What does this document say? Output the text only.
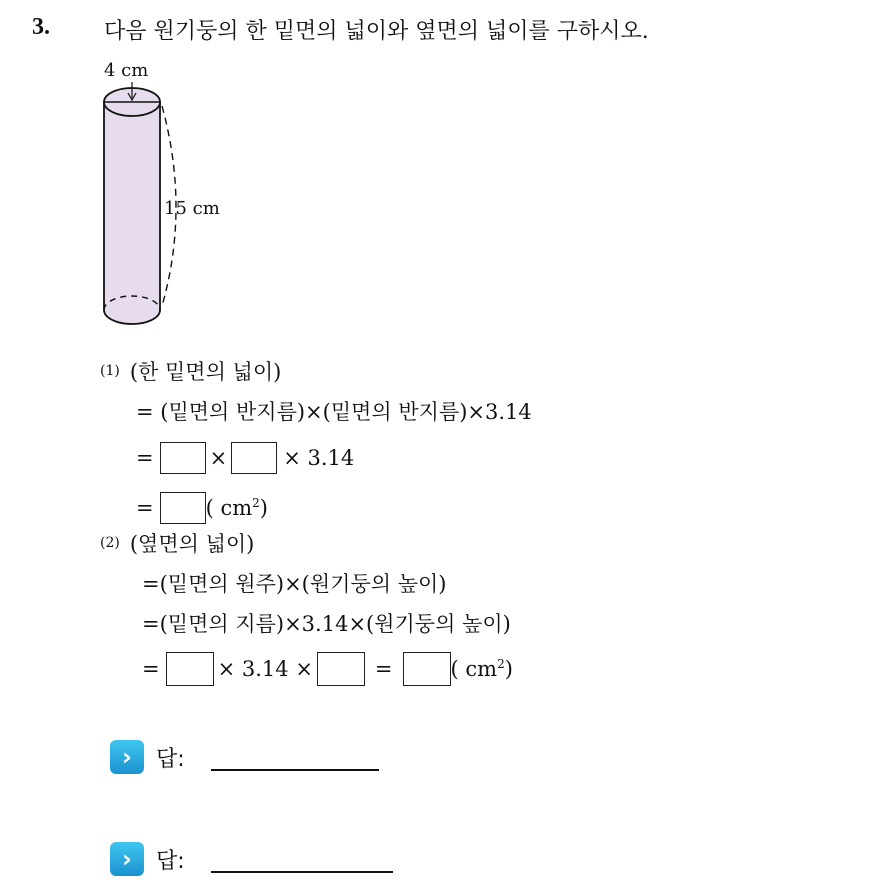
3. 다음 원기둥의 한 밑면의 넓이와 옆면의 넓이를 구하시오.
4 cm
15 cm
(1) (한 밑면의 넓이)
= (밑면의 반지름)×(밑면의 반지름)×3.14
=	×	× 3.14
= ( $cm^2$)
(2) (옆면의 넓이)
=(밑면의 원주)×(원기둥의 높이)
=(밑면의 지름)×3.14×(원기둥의 높이)
=	× 3.14 ×	=	( $cm^2$)
›	답:
›	답:
